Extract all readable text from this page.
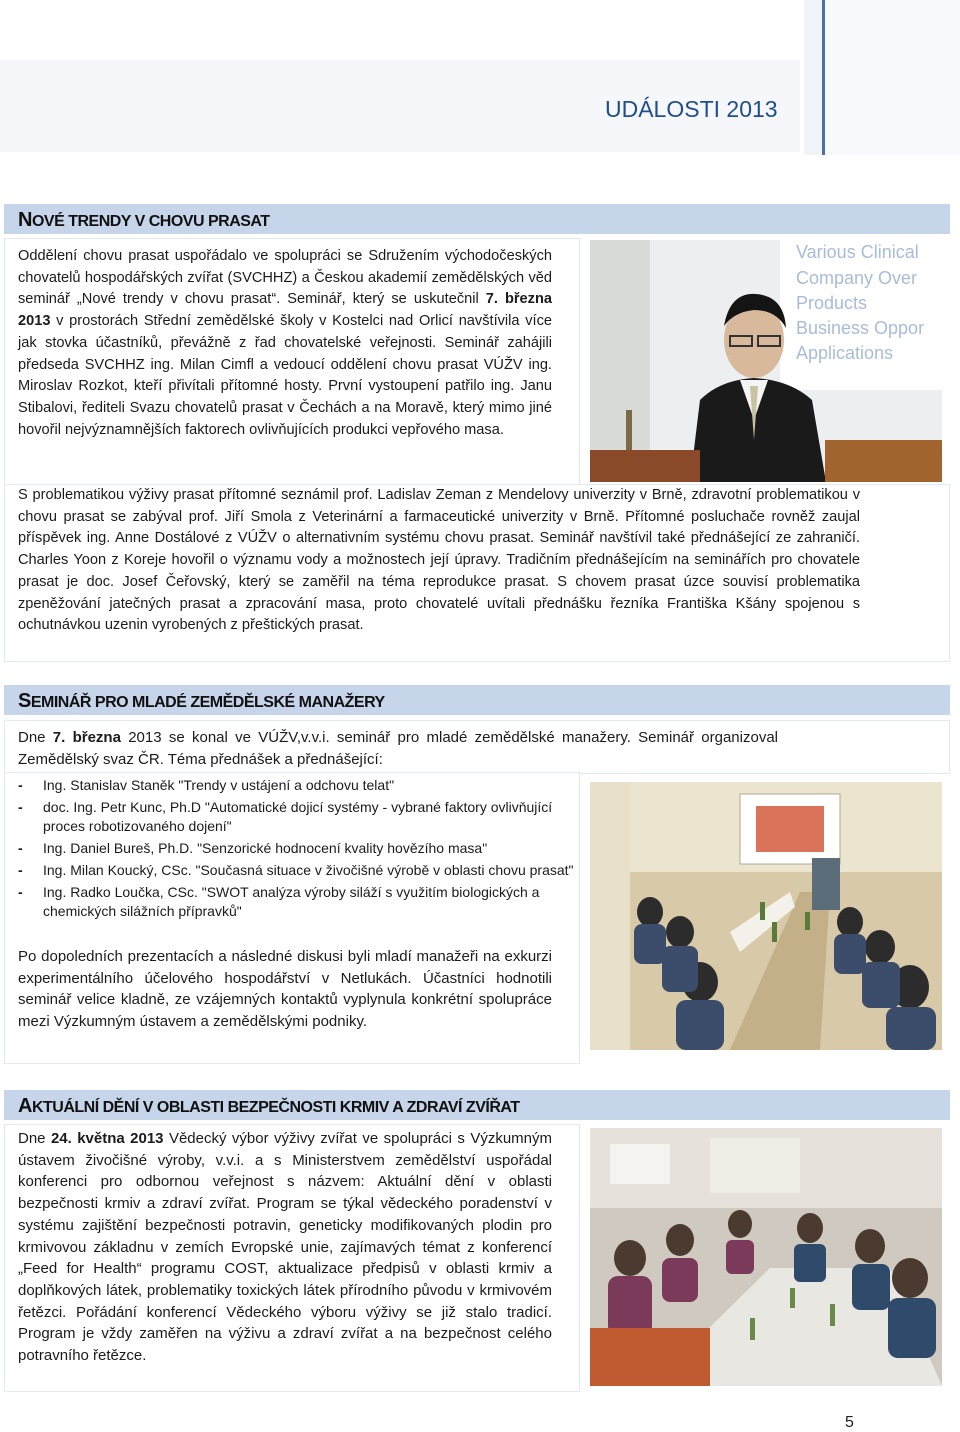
UDÁLOSTI 2013
NOVÉ TRENDY V CHOVU PRASAT

Oddělení chovu prasat uspořádalo ve spolupráci se Sdružením východočeských chovatelů hospodářských zvířat (SVCHHZ) a Českou akademií zemědělských věd seminář „Nové trendy v chovu prasat“. Seminář, který se uskutečnil 7. března 2013 v prostorách Střední zemědělské školy v Kostelci nad Orlicí navštívila více jak stovka účastníků, převážně z řad chovatelské veřejnosti. Seminář zahájili předseda SVCHHZ ing. Milan Cimfl a vedoucí oddělení chovu prasat VÚŽV ing. Miroslav Rozkot, kteří přivítali přítomné hosty. První vystoupení patřilo ing. Janu Stibalovi, řediteli Svazu chovatelů prasat v Čechách a na Moravě, který mimo jiné hovořil nejvýznamnějších faktorech ovlivňujících produkci vepřového masa.

Various Clinical
Company Over
Products
Business Oppor
Applications

S problematikou výživy prasat přítomné seznámil prof. Ladislav Zeman z Mendelovy univerzity v Brně, zdravotní problematikou v chovu prasat se zabýval prof. Jiří Smola z Veterinární a farmaceutické univerzity v Brně. Přítomné posluchače rovněž zaujal příspěvek ing. Anne Dostálové z VÚŽV o alternativním systému chovu prasat. Seminář navštívil také přednášející ze zahraničí. Charles Yoon z Koreje hovořil o významu vody a možnostech její úpravy. Tradičním přednášejícím na seminářích pro chovatele prasat je doc. Josef Čeřovský, který se zaměřil na téma reprodukce prasat. S chovem prasat úzce souvisí problematika zpeněžování jatečných prasat a zpracování masa, proto chovatelé uvítali přednášku řezníka Františka Kšány spojenou s ochutnávkou uzenin vyrobených z přeštických prasat.

SEMINÁŘ PRO MLADÉ ZEMĚDĚLSKÉ MANAŽERY

Dne 7. března 2013 se konal ve VÚŽV,v.v.i. seminář pro mladé zemědělské manažery. Seminář organizoval Zemědělský svaz ČR. Téma přednášek a přednášející:

- Ing. Stanislav Staněk "Trendy v ustájení a odchovu telat"
- doc. Ing. Petr Kunc, Ph.D "Automatické dojicí systémy - vybrané faktory ovlivňující proces robotizovaného dojení"
- Ing. Daniel Bureš, Ph.D. "Senzorické hodnocení kvality hovězího masa"
- Ing. Milan Koucký, CSc. "Současná situace v živočišné výrobě v oblasti chovu prasat"
- Ing. Radko Loučka, CSc. "SWOT analýza výroby siláží s využitím biologických a chemických silážních přípravků"

Po dopoledních prezentacích a následné diskusi byli mladí manažeři na exkurzi experimentálního účelového hospodářství v Netlukách. Účastníci hodnotili seminář velice kladně, ze vzájemných kontaktů vyplynula konkrétní spolupráce mezi Výzkumným ústavem a zemědělskými podniky.

AKTUÁLNÍ DĚNÍ V OBLASTI BEZPEČNOSTI KRMIV A ZDRAVÍ ZVÍŘAT

Dne 24. května 2013 Vědecký výbor výživy zvířat ve spolupráci s Výzkumným ústavem živočišné výroby, v.v.i. a s Ministerstvem zemědělství uspořádal konferenci pro odbornou veřejnost s názvem: Aktuální dění v oblasti bezpečnosti krmiv a zdraví zvířat. Program se týkal vědeckého poradenství v systému zajištění bezpečnosti potravin, geneticky modifikovaných plodin pro krmivovou základnu v zemích Evropské unie, zajímavých témat z konferencí „Feed for Health“ programu COST, aktualizace předpisů v oblasti krmiv a doplňkových látek, problematiky toxických látek přírodního původu v krmivovém řetězci. Pořádání konferencí Vědeckého výboru výživy se již stalo tradicí. Program je vždy zaměřen na výživu a zdraví zvířat a na bezpečnost celého potravního řetězce.

5
